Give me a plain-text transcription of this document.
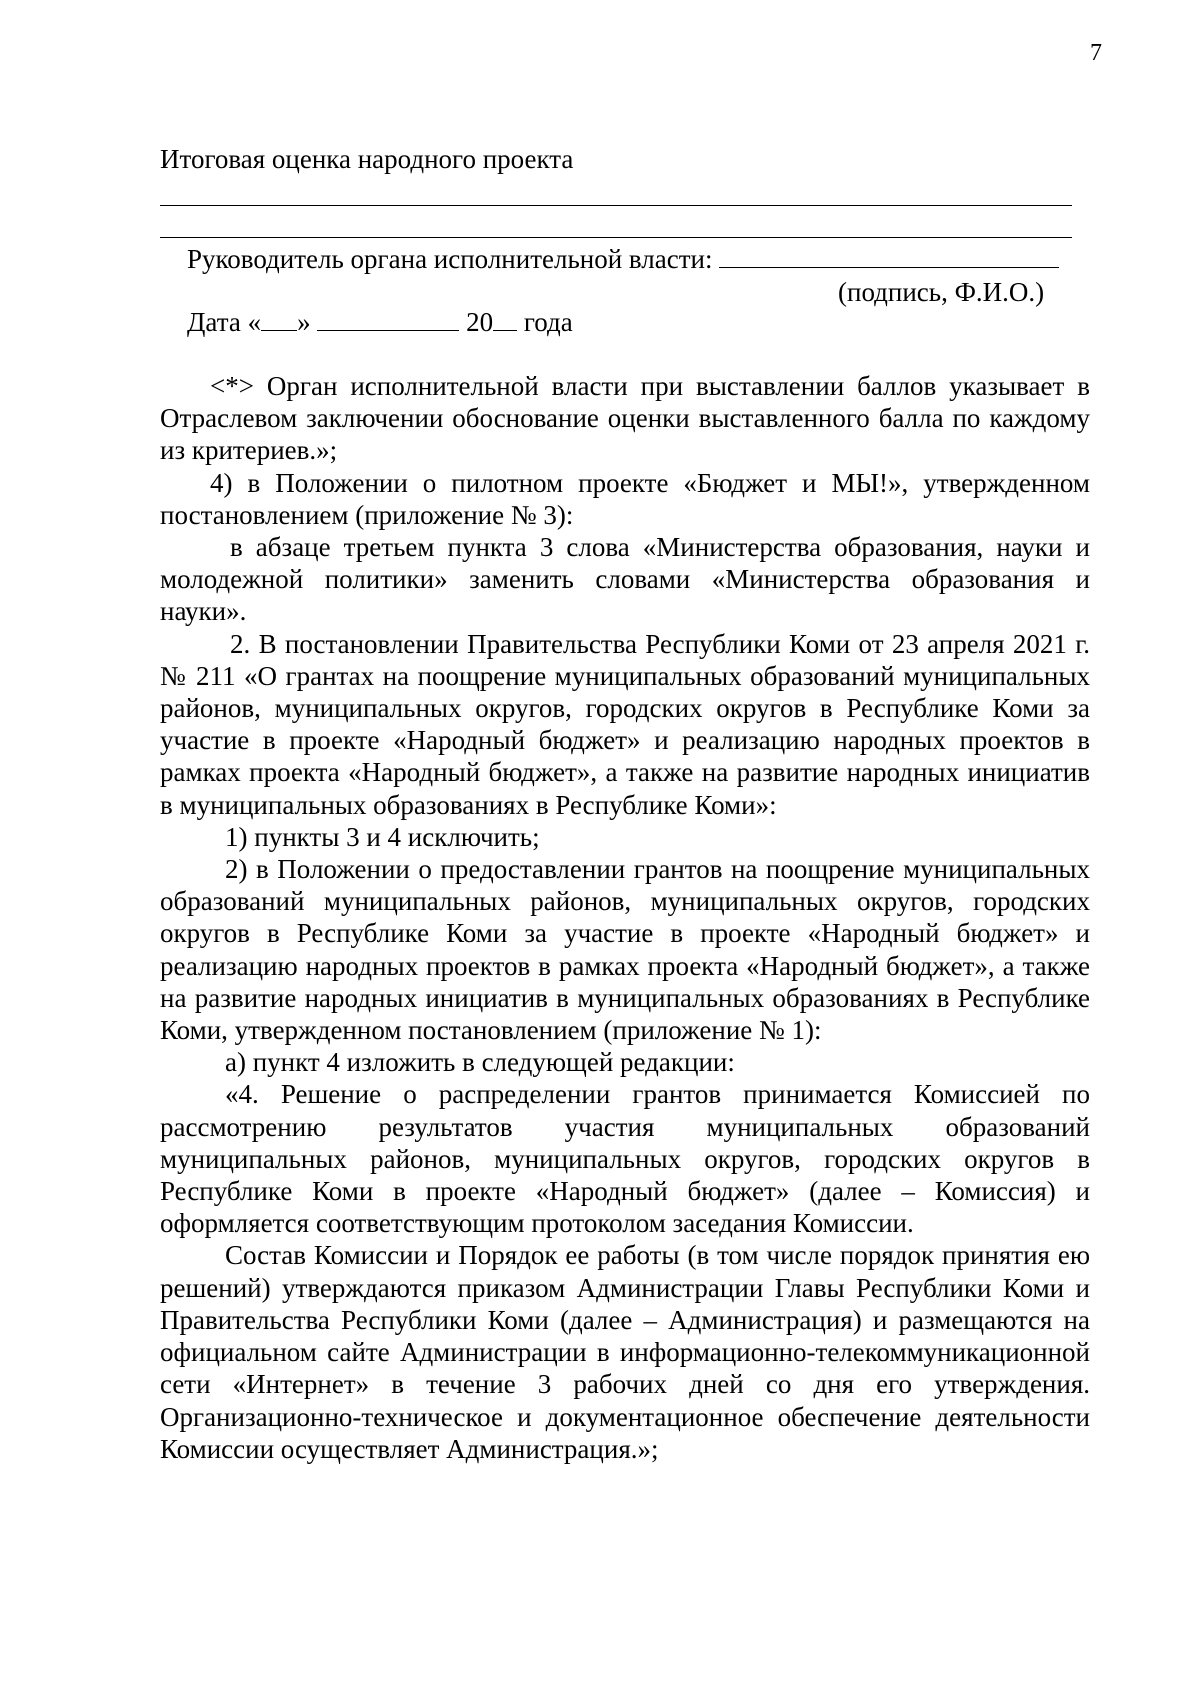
7
Итоговая оценка народного проекта
Руководитель органа исполнительной власти:
(подпись, Ф.И.О.)
Дата « »	20 года

<*> Орган исполнительной власти при выставлении баллов указывает в Отраслевом заключении обоснование оценки выставленного балла по каждому из критериев.»;

4) в Положении о пилотном проекте «Бюджет и МЫ!», утвержденном постановлением (приложение № 3):

в абзаце третьем пункта 3 слова «Министерства образования, науки и молодежной политики» заменить словами «Министерства образования и науки».

2. В постановлении Правительства Республики Коми от 23 апреля 2021 г. № 211 «О грантах на поощрение муниципальных образований муниципальных районов, муниципальных округов, городских округов в Республике Коми за участие в проекте «Народный бюджет» и реализацию народных проектов в рамках проекта «Народный бюджет», а также на развитие народных инициатив в муниципальных образованиях в Республике Коми»:

1) пункты 3 и 4 исключить;

2) в Положении о предоставлении грантов на поощрение муниципальных образований муниципальных районов, муниципальных округов, городских округов в Республике Коми за участие в проекте «Народный бюджет» и реализацию народных проектов в рамках проекта «Народный бюджет», а также на развитие народных инициатив в муниципальных образованиях в Республике Коми, утвержденном постановлением (приложение № 1):

а) пункт 4 изложить в следующей редакции:

«4. Решение о распределении грантов принимается Комиссией по рассмотрению результатов участия муниципальных образований муниципальных районов, муниципальных округов, городских округов в Республике Коми в проекте «Народный бюджет» (далее – Комиссия) и оформляется соответствующим протоколом заседания Комиссии.

Состав Комиссии и Порядок ее работы (в том числе порядок принятия ею решений) утверждаются приказом Администрации Главы Республики Коми и Правительства Республики Коми (далее – Администрация) и размещаются на официальном сайте Администрации в информационно-телекоммуникационной сети «Интернет» в течение 3 рабочих дней со дня его утверждения. Организационно-техническое и документационное обеспечение деятельности Комиссии осуществляет Администрация.»;
